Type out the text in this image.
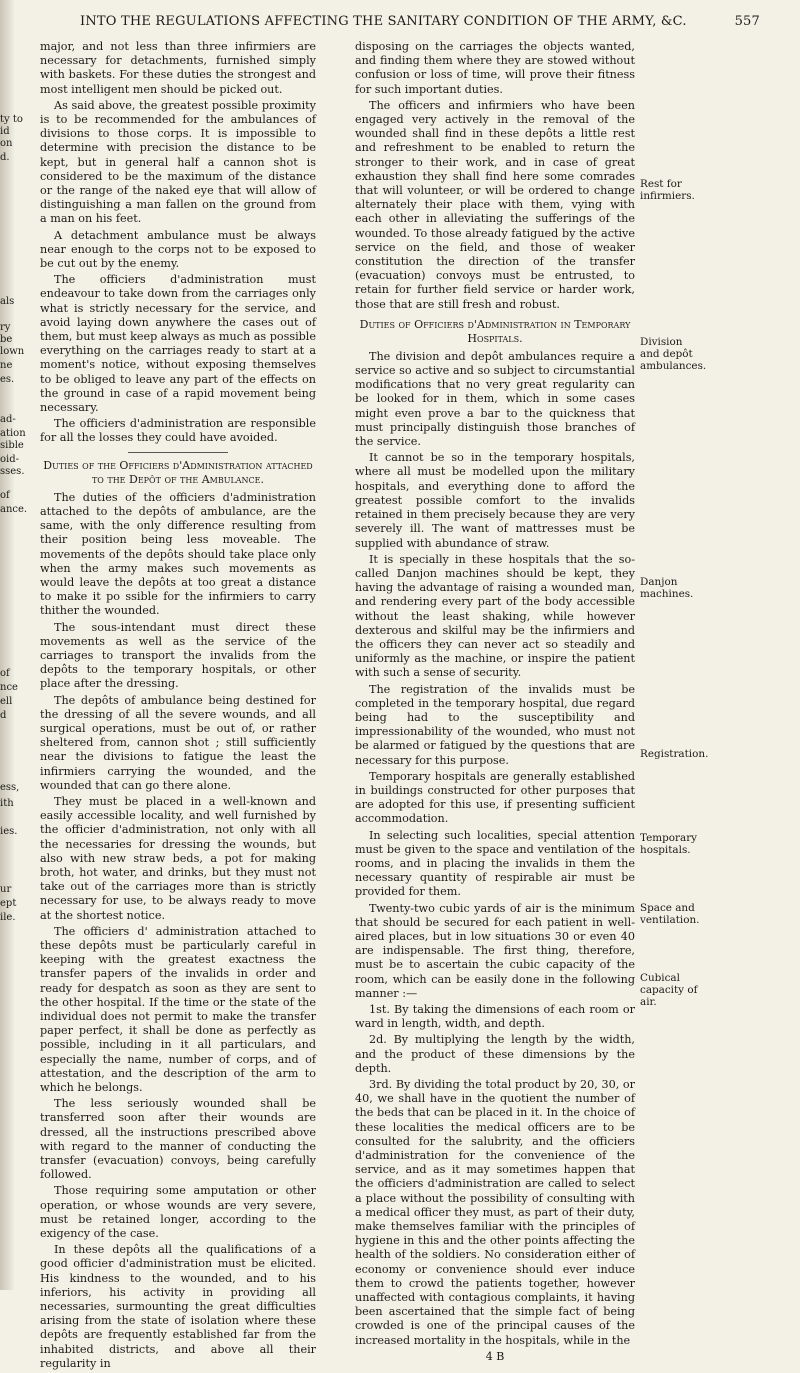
INTO THE REGULATIONS AFFECTING THE SANITARY CONDITION OF THE ARMY, &C.	557
ty to
id
on
d.
als
ry
be
lown
ne
es.
ad-
ation
sible
oid-
sses.
of
ance.
of
nce
ell
d
ess,
ith
ies.
ur
ept
ile.

major, and not less than three infirmiers are necessary for detachments, furnished simply with baskets. For these duties the strongest and most intelligent men should be picked out.

As said above, the greatest possible proximity is to be recommended for the ambulances of divisions to those corps. It is impossible to determine with precision the distance to be kept, but in general half a cannon shot is considered to be the maximum of the distance or the range of the naked eye that will allow of distinguishing a man fallen on the ground from a man on his feet.

A detachment ambulance must be always near enough to the corps not to be exposed to be cut out by the enemy.

The officiers d'administration must endeavour to take down from the carriages only what is strictly necessary for the service, and avoid laying down anywhere the cases out of them, but must keep always as much as possible everything on the carriages ready to start at a moment's notice, without exposing themselves to be obliged to leave any part of the effects on the ground in case of a rapid movement being necessary.

The officiers d'administration are responsible for all the losses they could have avoided.

Duties of the Officiers d'Administration attached to the Depôt of the Ambulance.

The duties of the officiers d'administration attached to the depôts of ambulance, are the same, with the only difference resulting from their position being less moveable. The movements of the depôts should take place only when the army makes such movements as would leave the depôts at too great a distance to make it po ssible for the infirmiers to carry thither the wounded.

The sous-intendant must direct these movements as well as the service of the carriages to transport the invalids from the depôts to the temporary hospitals, or other place after the dressing.

The depôts of ambulance being destined for the dressing of all the severe wounds, and all surgical operations, must be out of, or rather sheltered from, cannon shot ; still sufficiently near the divisions to fatigue the least the infirmiers carrying the wounded, and the wounded that can go there alone.

They must be placed in a well-known and easily accessible locality, and well furnished by the officier d'administration, not only with all the necessaries for dressing the wounds, but also with new straw beds, a pot for making broth, hot water, and drinks, but they must not take out of the carriages more than is strictly necessary for use, to be always ready to move at the shortest notice.

The officiers d' administration attached to these depôts must be particularly careful in keeping with the greatest exactness the transfer papers of the invalids in order and ready for despatch as soon as they are sent to the other hospital. If the time or the state of the individual does not permit to make the transfer paper perfect, it shall be done as perfectly as possible, including in it all particulars, and especially the name, number of corps, and of attestation, and the description of the arm to which he belongs.

The less seriously wounded shall be transferred soon after their wounds are dressed, all the instructions prescribed above with regard to the manner of conducting the transfer (evacuation) convoys, being carefully followed.

Those requiring some amputation or other operation, or whose wounds are very severe, must be retained longer, according to the exigency of the case.

In these depôts all the qualifications of a good officier d'administration must be elicited. His kindness to the wounded, and to his inferiors, his activity in providing all necessaries, surmounting the great difficulties arising from the state of isolation where these depôts are frequently established far from the inhabited districts, and above all their regularity in

disposing on the carriages the objects wanted, and finding them where they are stowed without confusion or loss of time, will prove their fitness for such important duties.

The officers and infirmiers who have been engaged very actively in the removal of the wounded shall find in these depôts a little rest and refreshment to be enabled to return the stronger to their work, and in case of great exhaustion they shall find here some comrades that will volunteer, or will be ordered to change alternately their place with them, vying with each other in alleviating the sufferings of the wounded. To those already fatigued by the active service on the field, and those of weaker constitution the direction of the transfer (evacuation) convoys must be entrusted, to retain for further field service or harder work, those that are still fresh and robust.

Duties of Officiers d'Administration in Temporary Hospitals.

The division and depôt ambulances require a service so active and so subject to circumstantial modifications that no very great regularity can be looked for in them, which in some cases might even prove a bar to the quickness that must principally distinguish those branches of the service.

It cannot be so in the temporary hospitals, where all must be modelled upon the military hospitals, and everything done to afford the greatest possible comfort to the invalids retained in them precisely because they are very severely ill. The want of mattresses must be supplied with abundance of straw.

It is specially in these hospitals that the so-called Danjon machines should be kept, they having the advantage of raising a wounded man, and rendering every part of the body accessible without the least shaking, while however dexterous and skilful may be the infirmiers and the officers they can never act so steadily and uniformly as the machine, or inspire the patient with such a sense of security.

The registration of the invalids must be completed in the temporary hospital, due regard being had to the susceptibility and impressionability of the wounded, who must not be alarmed or fatigued by the questions that are necessary for this purpose.

Temporary hospitals are generally established in buildings constructed for other purposes that are adopted for this use, if presenting sufficient accommodation.

In selecting such localities, special attention must be given to the space and ventilation of the rooms, and in placing the invalids in them the necessary quantity of respirable air must be provided for them.

Twenty-two cubic yards of air is the minimum that should be secured for each patient in well-aired places, but in low situations 30 or even 40 are indispensable. The first thing, therefore, must be to ascertain the cubic capacity of the room, which can be easily done in the following manner :—

1st. By taking the dimensions of each room or ward in length, width, and depth.

2d. By multiplying the length by the width, and the product of these dimensions by the depth.

3rd. By dividing the total product by 20, 30, or 40, we shall have in the quotient the number of the beds that can be placed in it. In the choice of these localities the medical officers are to be consulted for the salubrity, and the officiers d'administration for the convenience of the service, and as it may sometimes happen that the officiers d'administration are called to select a place without the possibility of consulting with a medical officer they must, as part of their duty, make themselves familiar with the principles of hygiene in this and the other points affecting the health of the soldiers. No consideration either of economy or convenience should ever induce them to crowd the patients together, however unaffected with contagious complaints, it having been ascertained that the simple fact of being crowded is one of the principal causes of the increased mortality in the hospitals, while in the

4 B
Rest for infirmiers.
Division and depôt ambulances.
Danjon machines.
Registration.
Temporary hospitals.
Space and ventilation.
Cubical capacity of air.
